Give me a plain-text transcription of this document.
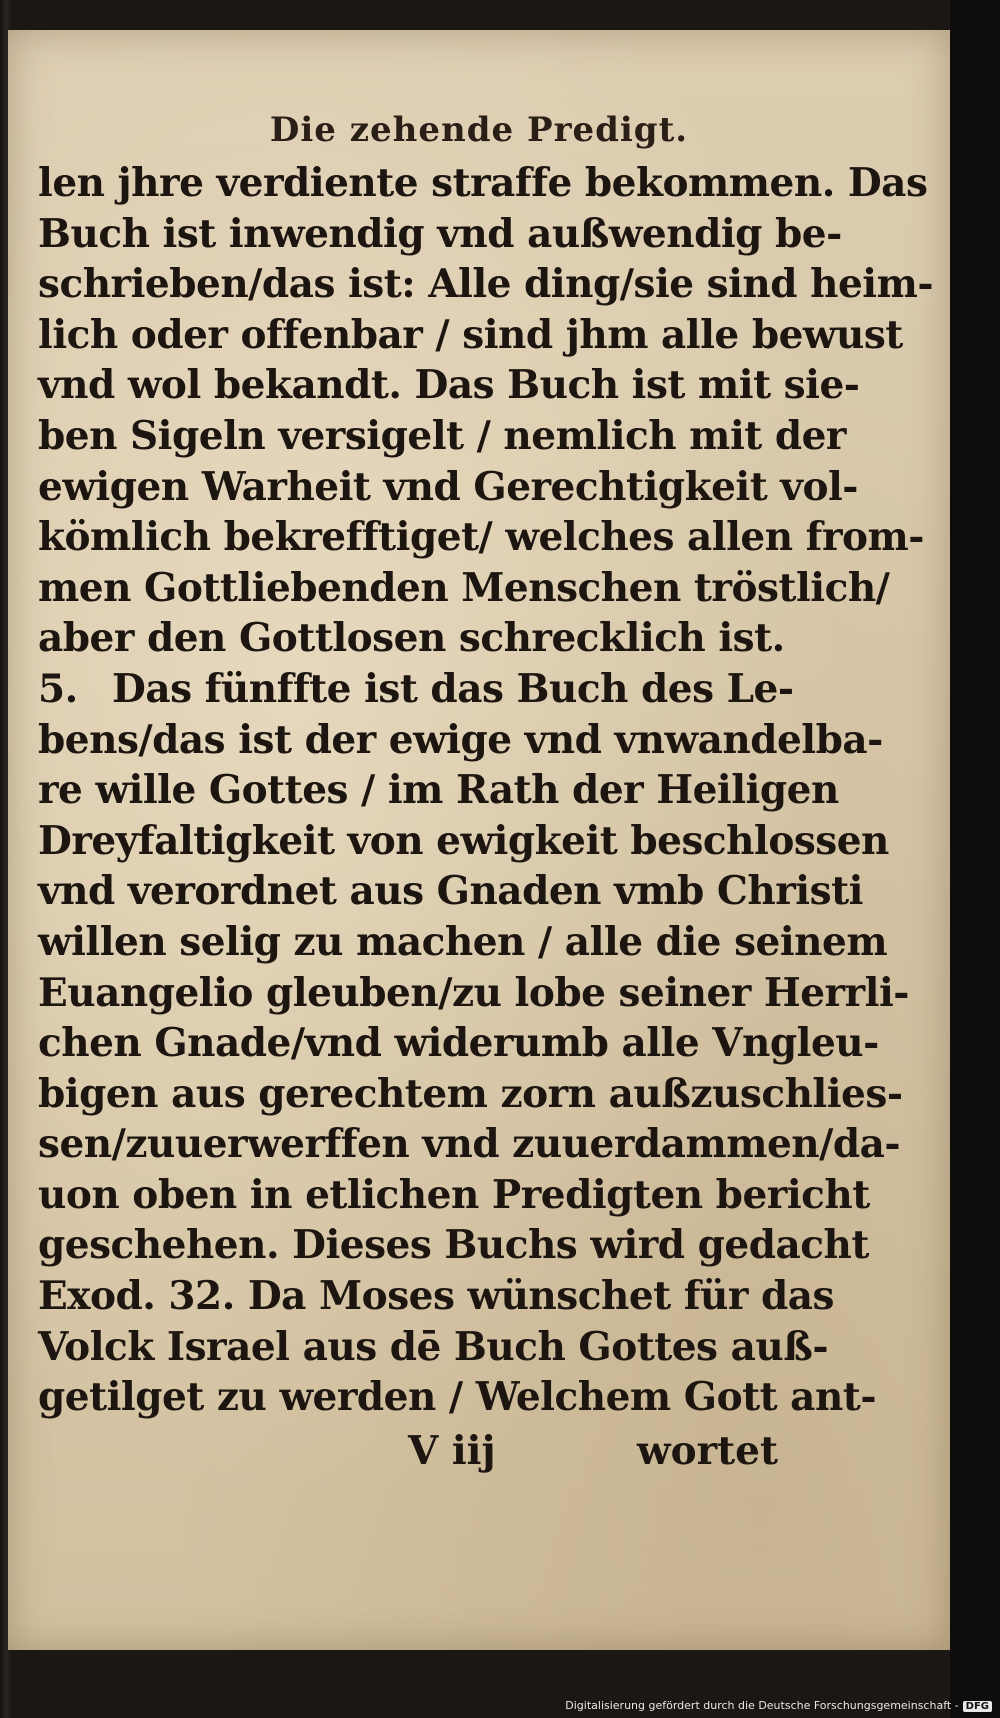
Die zehende Predigt.
len jhre verdiente straffe bekommen. Das
Buch ist inwendig vnd außwendig be-
schrieben/das ist: Alle ding/sie sind heim-
lich oder offenbar / sind jhm alle bewust
vnd wol bekandt. Das Buch ist mit sie-
ben Sigeln versigelt / nemlich mit der
ewigen Warheit vnd Gerechtigkeit vol-
kömlich bekrefftiget/ welches allen from-
men Gottliebenden Menschen tröstlich/
aber den Gottlosen schrecklich ist.
5. Das fünffte ist das Buch des Le-
bens/das ist der ewige vnd vnwandelba-
re wille Gottes / im Rath der Heiligen
Dreyfaltigkeit von ewigkeit beschlossen
vnd verordnet aus Gnaden vmb Christi
willen selig zu machen / alle die seinem
Euangelio gleuben/zu lobe seiner Herrli-
chen Gnade/vnd widerumb alle Vngleu-
bigen aus gerechtem zorn außzuschlies-
sen/zuuerwerffen vnd zuuerdammen/da-
uon oben in etlichen Predigten bericht
geschehen. Dieses Buchs wird gedacht
Exod. 32. Da Moses wünschet für das
Volck Israel aus dē Buch Gottes auß-
getilget zu werden / Welchem Gott ant-
V iij	wortet
Digitalisierung gefördert durch die Deutsche Forschungsgemeinschaft - DFG
